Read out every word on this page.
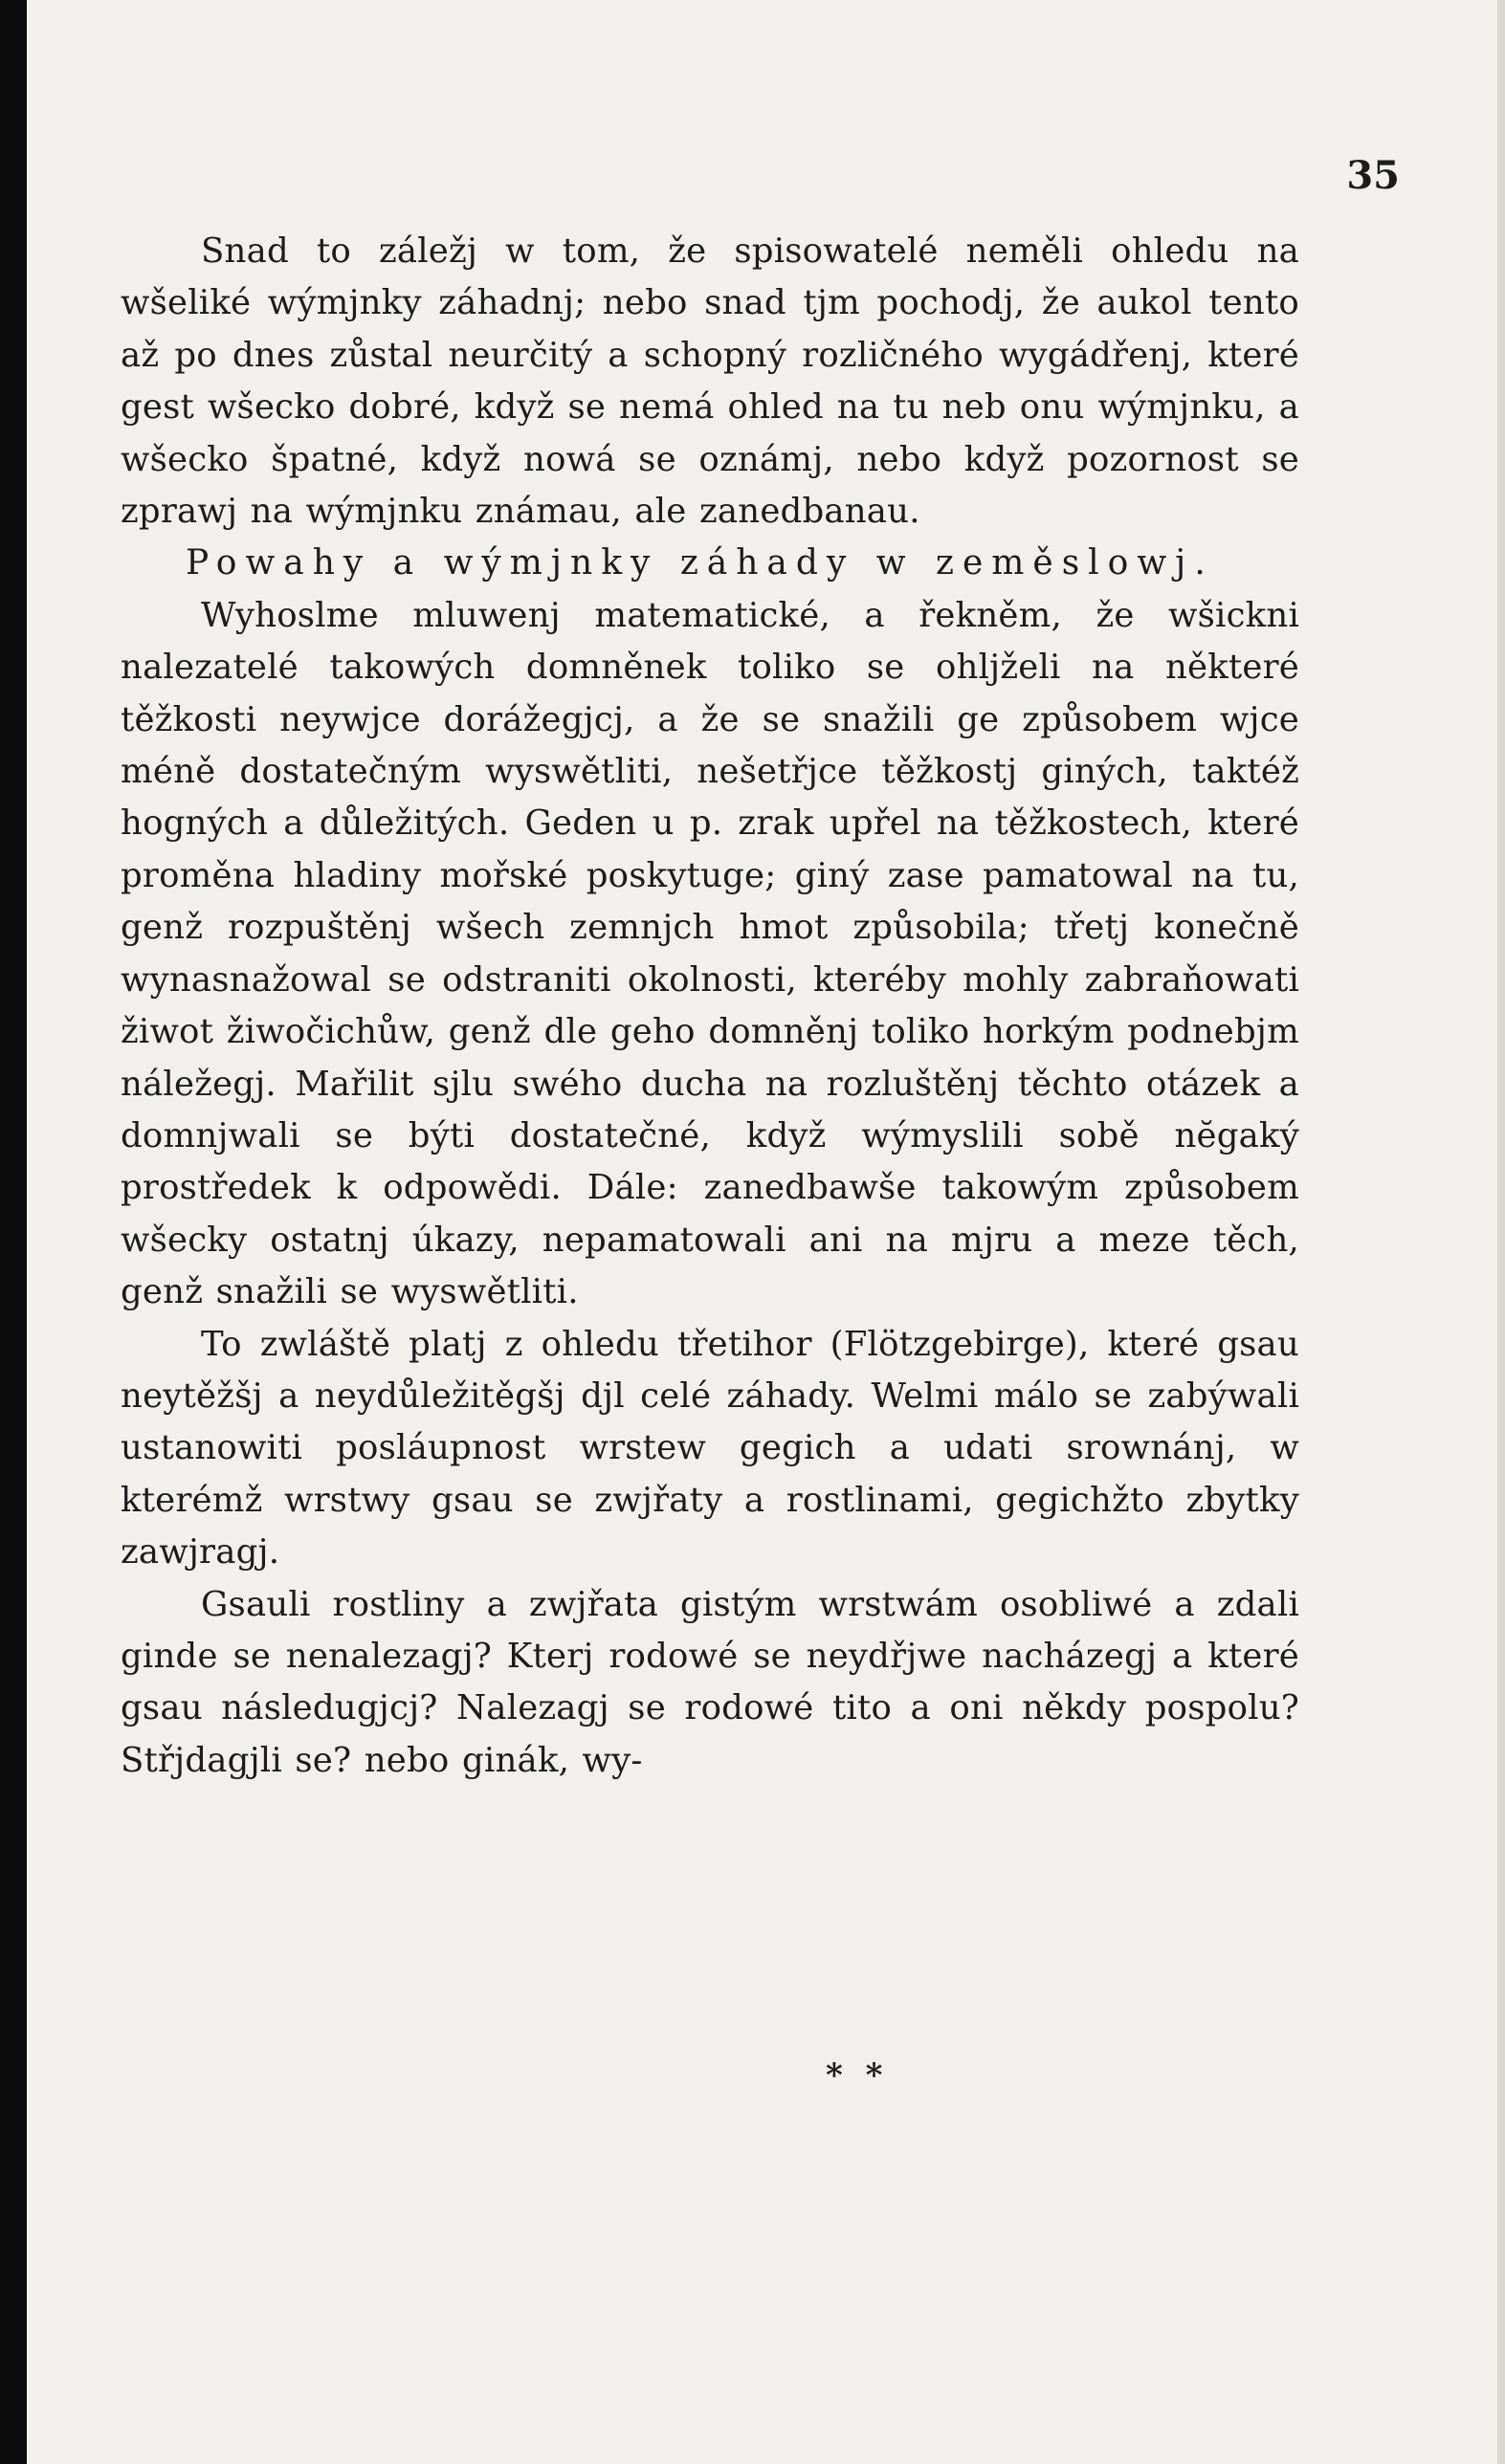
35

Snad to záležj w tom, že spisowatelé neměli ohledu na wšeliké wýmjnky záhadnj; nebo snad tjm pochodj, že aukol tento až po dnes zůstal neurčitý a schopný rozličného wygádřenj, které gest wšecko dobré, když se nemá ohled na tu neb onu wýmjnku, a wšecko špatné, když nowá se oznámj, nebo když pozornost se zprawj na wýmjnku známau, ale zanedbanau.

Powahy a wýmjnky záhady w zeměslowj.

Wyhoslme mluwenj matematické, a řekněm, že wšickni nalezatelé takowých domněnek toliko se ohljželi na některé těžkosti neywjce dorážegjcj, a že se snažili ge způsobem wjce méně dostatečným wyswětliti, nešetřjce těžkostj giných, taktéž hogných a důležitých. Geden u p. zrak upřel na těžkostech, které proměna hladiny mořské poskytuge; giný zase pamatowal na tu, genž rozpuštěnj wšech zemnjch hmot způsobila; třetj konečně wynasnažowal se odstraniti okolnosti, kteréby mohly zabraňowati žiwot žiwočichůw, genž dle geho domněnj toliko horkým podnebjm náležegj. Mařilit sjlu swého ducha na rozluštěnj těchto otázek a domnjwali se býti dostatečné, když wýmyslili sobě nĕgaký prostředek k odpowědi. Dále: zanedbawše takowým způsobem wšecky ostatnj úkazy, nepamatowali ani na mjru a meze těch, genž snažili se wyswětliti.

To zwláště platj z ohledu třetihor (Flötzgebirge), které gsau neytěžšj a neydůležitěgšj djl celé záhady. Welmi málo se zabýwali ustanowiti posláupnost wrstew gegich a udati srownánj, w kterémž wrstwy gsau se zwjřaty a rostlinami, gegichžto zbytky zawjragj.

Gsauli rostliny a zwjřata gistým wrstwám osobliwé a zdali ginde se nenalezagj? Kterj rodowé se neydřjwe nacházegj a které gsau následugjcj? Nalezagj se rodowé tito a oni někdy pospolu? Střjdagjli se? nebo ginák, wy-

* *
